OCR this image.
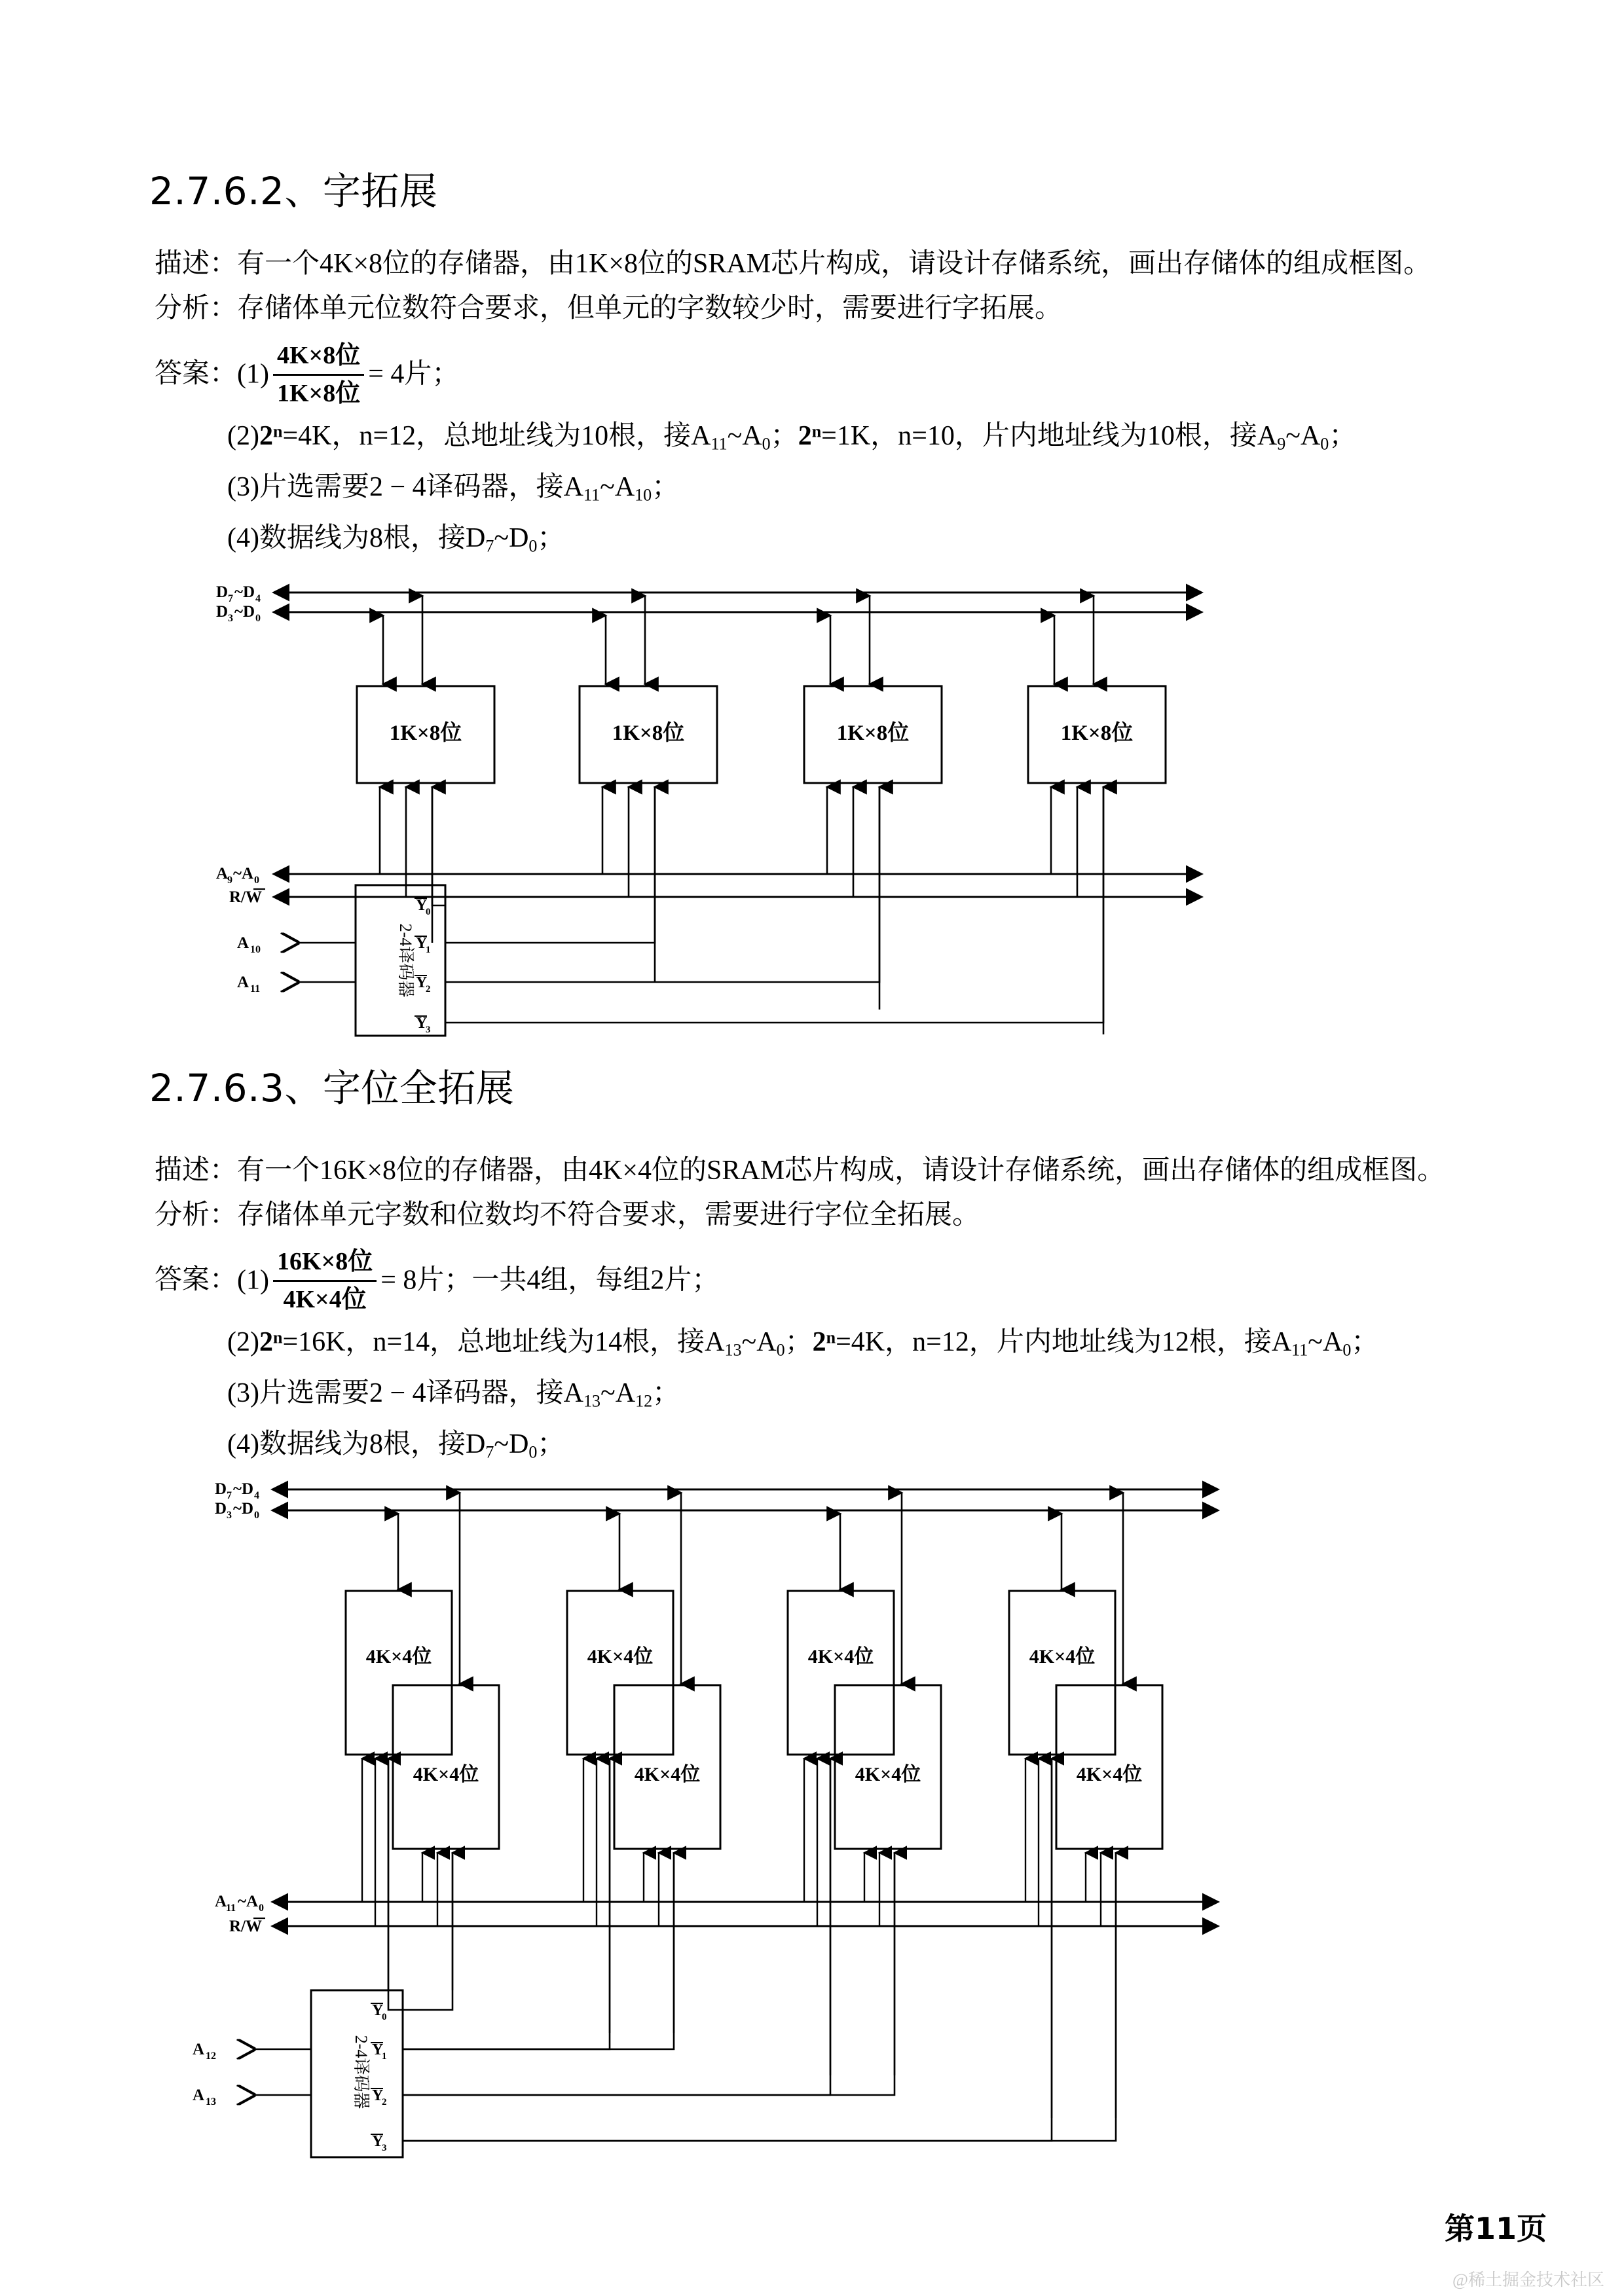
2.7.6.2、字拓展
描述：有一个4K×8位的存储器，由1K×8位的SRAM芯片构成，请设计存储系统，画出存储体的组成框图。
分析：存储体单元位数符合要求，但单元的字数较少时，需要进行字拓展。
答案：$(1) \frac{\text{4K×8位}}{\text{1K×8位}} = 4$片；
$(2)2^n=4K$，n=12，总地址线为10根，接$A_{11}\sim A_0$；$2^n=1K$，n=10，片内地址线为10根，接$A_9\sim A_0$；
(3)片选需要2 − 4译码器，接$A_{11}\sim A_{10}$；
(4)数据线为8根，接$D_7\sim D_0$；
D 7 ~D 4
D 3 ~D 0
1K×8位	1K×8位	1K×8位	1K×8位
A
9 ~A 0
R/W
2-4译码器
A 10
A 11
Y
0
Y
1
Y
2
Y
3
2.7.6.3、字位全拓展
描述：有一个16K×8位的存储器，由4K×4位的SRAM芯片构成，请设计存储系统，画出存储体的组成框图。
分析：存储体单元字数和位数均不符合要求，需要进行字位全拓展。
答案：$(1) \frac{\text{16K×8位}}{\text{4K×4位}} = 8$片；一共4组，每组2片；
$(2)2^n=16K$，n=14，总地址线为14根，接$A_{13}\sim A_0$；$2^n=4K$，n=12，片内地址线为12根，接$A_{11}\sim A_0$；
(3)片选需要2 − 4译码器，接$A_{13}\sim A_{12}$；
(4)数据线为8根，接$D_7\sim D_0$；
D 7 ~D 4
D 3 ~D 0
4K×4位	4K×4位	4K×4位	4K×4位
4K×4位	4K×4位	4K×4位	4K×4位
A
11 ~A 0
R/W
2-4译码器
A 12
A 13
Y
0
Y
1
Y
2
Y
3
第11页
@稀土掘金技术社区
